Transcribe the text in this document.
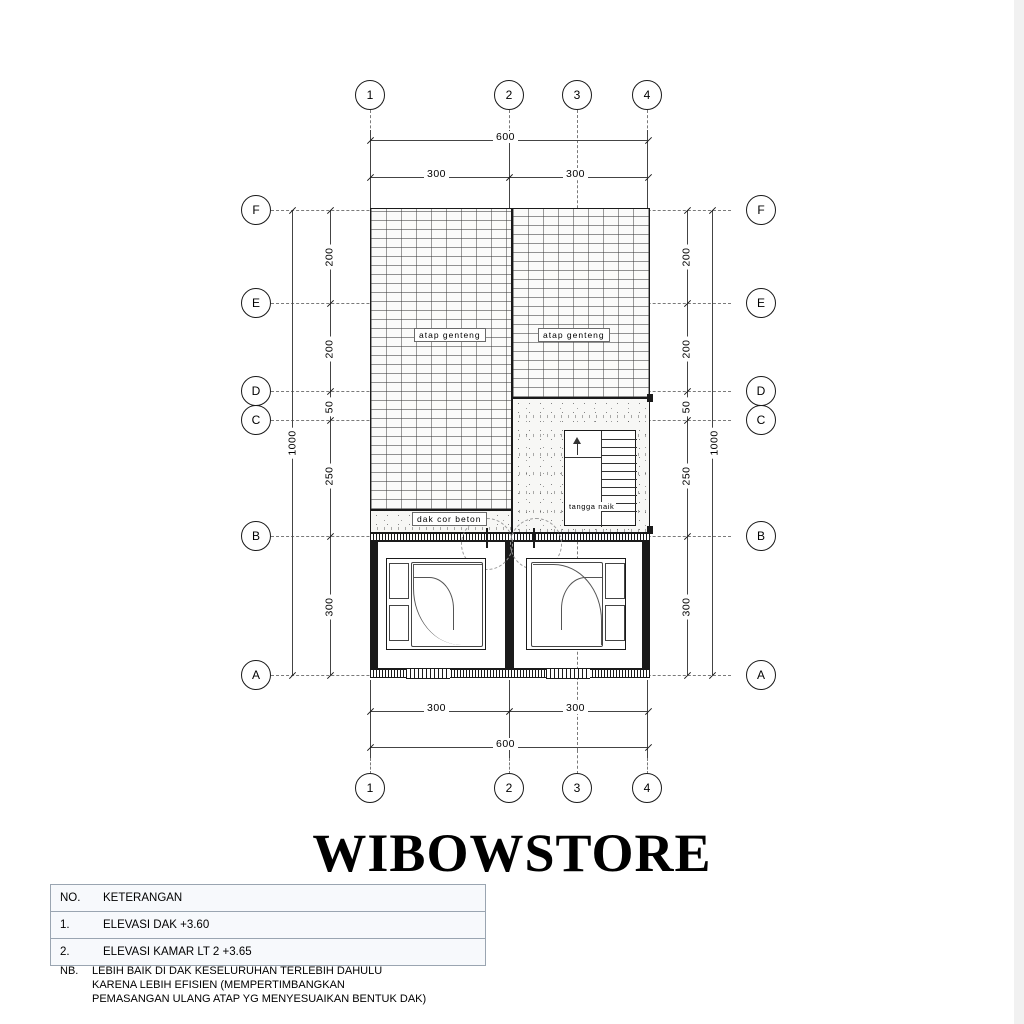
1	2	3	4
600
300	300
F
E
D
C
B
A
F
E
D
C
B
A
1000
200
200
50
250
300
200
200
50
250
300
1000
atap genteng	atap genteng
dak cor beton
tangga naik
300	300
600
1	2	3	4
WIBOWSTORE
NO.	KETERANGAN
1.	ELEVASI DAK +3.60
2.	ELEVASI KAMAR LT 2 +3.65
NB. LEBIH BAIK DI DAK KESELURUHAN TERLEBIH DAHULU
KARENA LEBIH EFISIEN (MEMPERTIMBANGKAN
PEMASANGAN ULANG ATAP YG MENYESUAIKAN BENTUK DAK)
